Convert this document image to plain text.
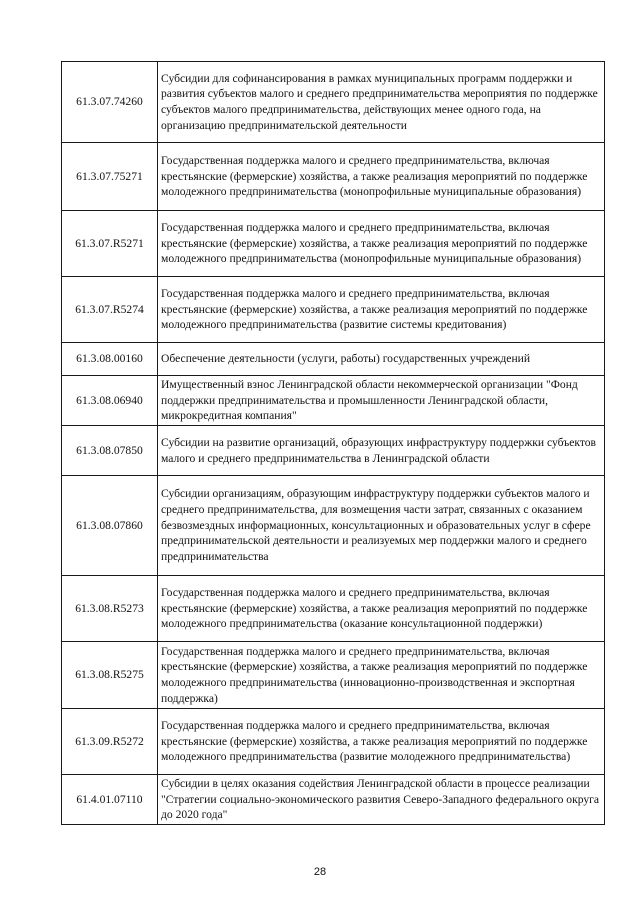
61.3.07.74260	Субсидии для софинансирования в рамках муниципальных программ поддержки и развития субъектов малого и среднего предпринимательства мероприятия по поддержке субъектов малого предпринимательства, действующих менее одного года, на организацию предпринимательской деятельности
61.3.07.75271	Государственная поддержка малого и среднего предпринимательства, включая крестьянские (фермерские) хозяйства, а также реализация мероприятий по поддержке молодежного предпринимательства (монопрофильные муниципальные образования)
61.3.07.R5271	Государственная поддержка малого и среднего предпринимательства, включая крестьянские (фермерские) хозяйства, а также реализация мероприятий по поддержке молодежного предпринимательства (монопрофильные муниципальные образования)
61.3.07.R5274	Государственная поддержка малого и среднего предпринимательства, включая крестьянские (фермерские) хозяйства, а также реализация мероприятий по поддержке молодежного предпринимательства (развитие системы кредитования)
61.3.08.00160	Обеспечение деятельности (услуги, работы) государственных учреждений
61.3.08.06940	Имущественный взнос Ленинградской области некоммерческой организации "Фонд поддержки предпринимательства и промышленности Ленинградской области, микрокредитная компания"
61.3.08.07850	Субсидии на развитие организаций, образующих инфраструктуру поддержки субъектов малого и среднего предпринимательства в Ленинградской области
61.3.08.07860	Субсидии организациям, образующим инфраструктуру поддержки субъектов малого и среднего предпринимательства, для возмещения части затрат, связанных с оказанием безвозмездных информационных, консультационных и образовательных услуг в сфере предпринимательской деятельности и реализуемых мер поддержки малого и среднего предпринимательства
61.3.08.R5273	Государственная поддержка малого и среднего предпринимательства, включая крестьянские (фермерские) хозяйства, а также реализация мероприятий по поддержке молодежного предпринимательства (оказание консультационной поддержки)
61.3.08.R5275	Государственная поддержка малого и среднего предпринимательства, включая крестьянские (фермерские) хозяйства, а также реализация мероприятий по поддержке молодежного предпринимательства (инновационно-производственная и экспортная поддержка)
61.3.09.R5272	Государственная поддержка малого и среднего предпринимательства, включая крестьянские (фермерские) хозяйства, а также реализация мероприятий по поддержке молодежного предпринимательства (развитие молодежного предпринимательства)
61.4.01.07110	Субсидии в целях оказания содействия Ленинградской области в процессе реализации "Стратегии социально-экономического развития Северо-Западного федерального округа до 2020 года"
28
